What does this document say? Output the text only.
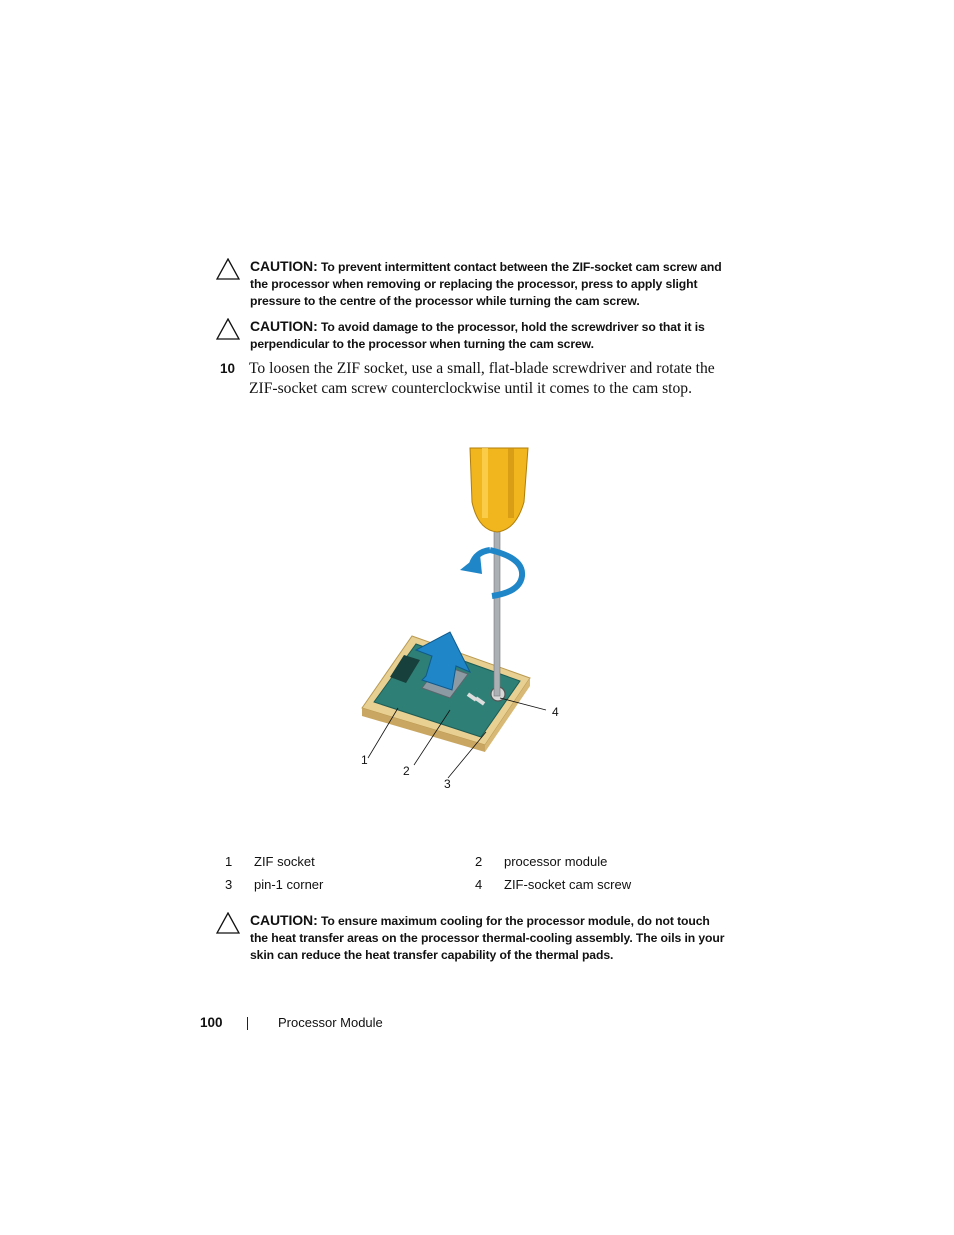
CAUTION: To prevent intermittent contact between the ZIF-socket cam screw and the processor when removing or replacing the processor, press to apply slight pressure to the centre of the processor while turning the cam screw.
CAUTION: To avoid damage to the processor, hold the screwdriver so that it is perpendicular to the processor when turning the cam screw.
10 To loosen the ZIF socket, use a small, flat-blade screwdriver and rotate the ZIF-socket cam screw counterclockwise until it comes to the cam stop.
1
2
3
4
1 ZIF socket	2 processor module
3 pin-1 corner	4 ZIF-socket cam screw
CAUTION: To ensure maximum cooling for the processor module, do not touch the heat transfer areas on the processor thermal-cooling assembly. The oils in your skin can reduce the heat transfer capability of the thermal pads.
100	Processor Module
